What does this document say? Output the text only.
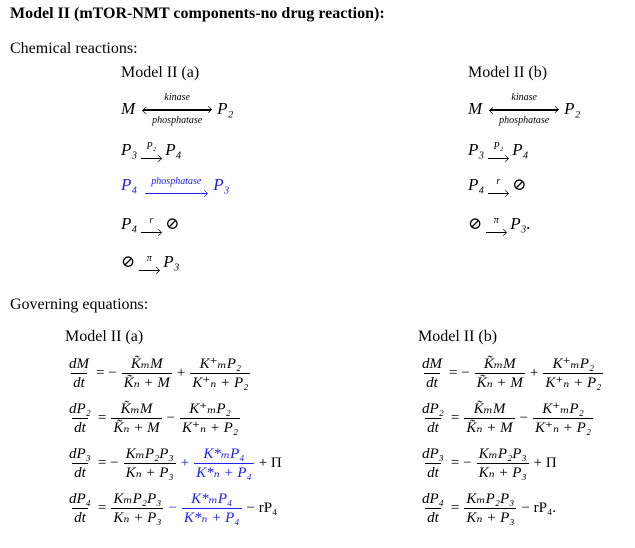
Model II (mTOR-NMT components-no drug reaction):
Chemical reactions:
Model II (a)	Model II (b)
M
kinase
phosphatase
P₂
P₃ P₂ P₄
P₄ phosphatase P₃
P₄ r ⊘
⊘ π P₃
M
kinase
phosphatase
P₂
P₃ P₂ P₄
P₄ r ⊘
⊘ π P₃.
Governing equations:
Model II (a)	Model II (b)
$\frac{dM}{dt}$ = − $\frac{\text{K̃ₘM}}{\text{K̃ₙ + M}} + \frac{\text{K⁺ₘP₂}}{\text{K⁺ₙ + P₂}}$
$\frac{\text{dP₂}}{dt} = \frac{\text{K̃ₘM}}{\text{K̃ₙ + M}} - \frac{\text{K⁺ₘP₂}}{\text{K⁺ₙ + P₂}}$
$\frac{\text{dP₃}}{dt}$ = − $\frac{\text{KₘP₂P₃}}{\text{Kₙ + P₃}} + \frac{\text{K*ₘP₄}}{\text{K*ₙ + P₄}} + \Pi$
$\frac{\text{dP₄}}{dt} = \frac{\text{KₘP₂P₃}}{\text{Kₙ + P₃}} - \frac{\text{K*ₘP₄}}{\text{K*ₙ + P₄}} - rP_4$
$\frac{dM}{dt}$ = − $\frac{\text{K̃ₘM}}{\text{K̃ₙ + M}} + \frac{\text{K⁺ₘP₂}}{\text{K⁺ₙ + P₂}}$
$\frac{\text{dP₂}}{dt} = \frac{\text{K̃ₘM}}{\text{K̃ₙ + M}} - \frac{\text{K⁺ₘP₂}}{\text{K⁺ₙ + P₂}}$
$\frac{\text{dP₃}}{dt}$ = − $\frac{\text{KₘP₂P₃}}{\text{Kₙ + P₃}} + \Pi$
$\frac{\text{dP₄}}{dt} = \frac{\text{KₘP₂P₃}}{\text{Kₙ + P₃}} - rP_4$.
